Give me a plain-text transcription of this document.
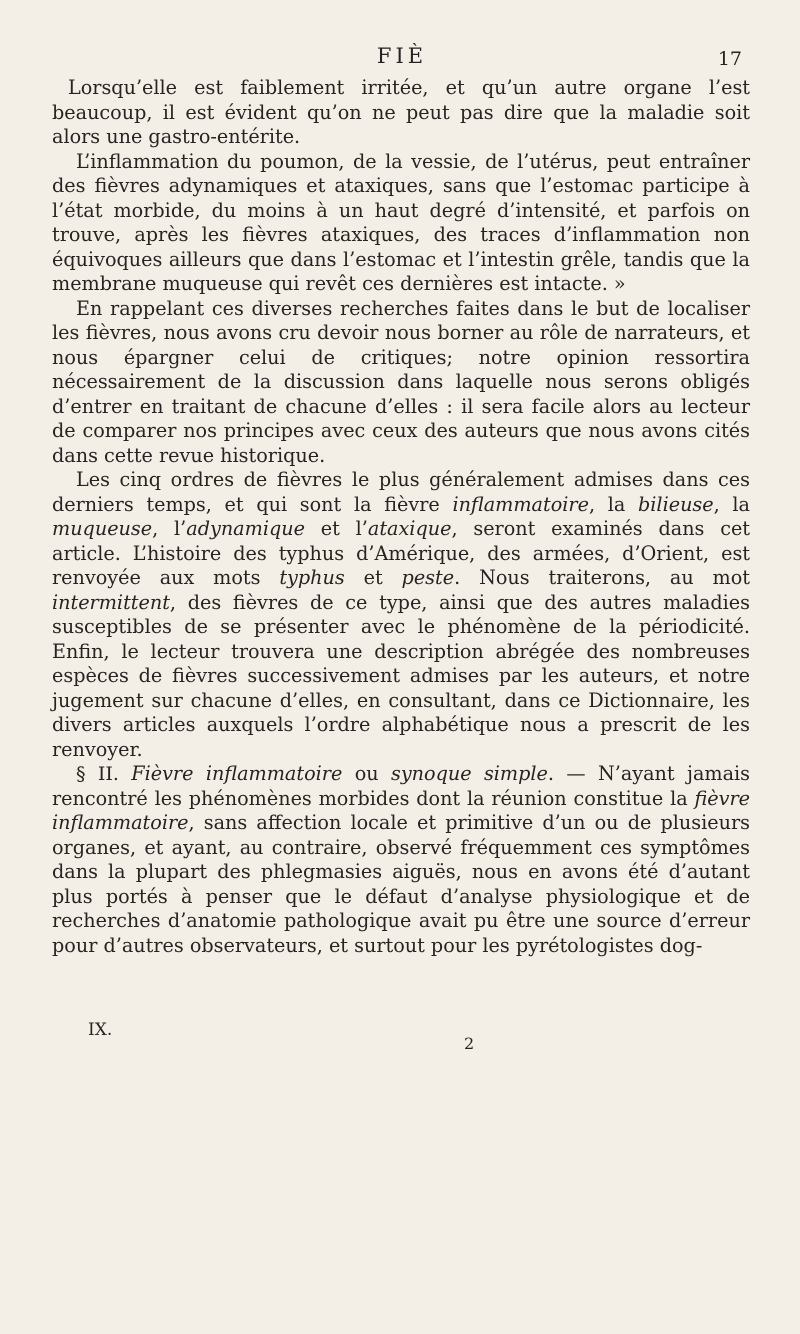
FIÈ	17

Lorsqu’elle est faiblement irritée, et qu’un autre organe l’est beaucoup, il est évident qu’on ne peut pas dire que la maladie soit alors une gastro-entérite.

L’inflammation du poumon, de la vessie, de l’utérus, peut entraîner des fièvres adynamiques et ataxiques, sans que l’estomac participe à l’état morbide, du moins à un haut degré d’intensité, et parfois on trouve, après les fièvres ataxiques, des traces d’inflammation non équivoques ailleurs que dans l’estomac et l’intestin grêle, tandis que la membrane muqueuse qui revêt ces dernières est intacte. »

En rappelant ces diverses recherches faites dans le but de localiser les fièvres, nous avons cru devoir nous borner au rôle de narrateurs, et nous épargner celui de critiques; notre opinion ressortira nécessairement de la discussion dans laquelle nous serons obligés d’entrer en traitant de chacune d’elles : il sera facile alors au lecteur de comparer nos principes avec ceux des auteurs que nous avons cités dans cette revue historique.

Les cinq ordres de fièvres le plus généralement admises dans ces derniers temps, et qui sont la fièvre inflammatoire, la bilieuse, la muqueuse, l’adynamique et l’ataxique, seront examinés dans cet article. L’histoire des typhus d’Amérique, des armées, d’Orient, est renvoyée aux mots typhus et peste. Nous traiterons, au mot intermittent, des fièvres de ce type, ainsi que des autres maladies susceptibles de se présenter avec le phénomène de la périodicité. Enfin, le lecteur trouvera une description abrégée des nombreuses espèces de fièvres successivement admises par les auteurs, et notre jugement sur chacune d’elles, en consultant, dans ce Dictionnaire, les divers articles auxquels l’ordre alphabétique nous a prescrit de les renvoyer.

§ II. Fièvre inflammatoire ou synoque simple. — N’ayant jamais rencontré les phénomènes morbides dont la réunion constitue la fièvre inflammatoire, sans affection locale et primitive d’un ou de plusieurs organes, et ayant, au contraire, observé fréquemment ces symptômes dans la plupart des phlegmasies aiguës, nous en avons été d’autant plus portés à penser que le défaut d’analyse physiologique et de recherches d’anatomie pathologique avait pu être une source d’erreur pour d’autres observateurs, et surtout pour les pyrétologistes dog-

IX.
2
